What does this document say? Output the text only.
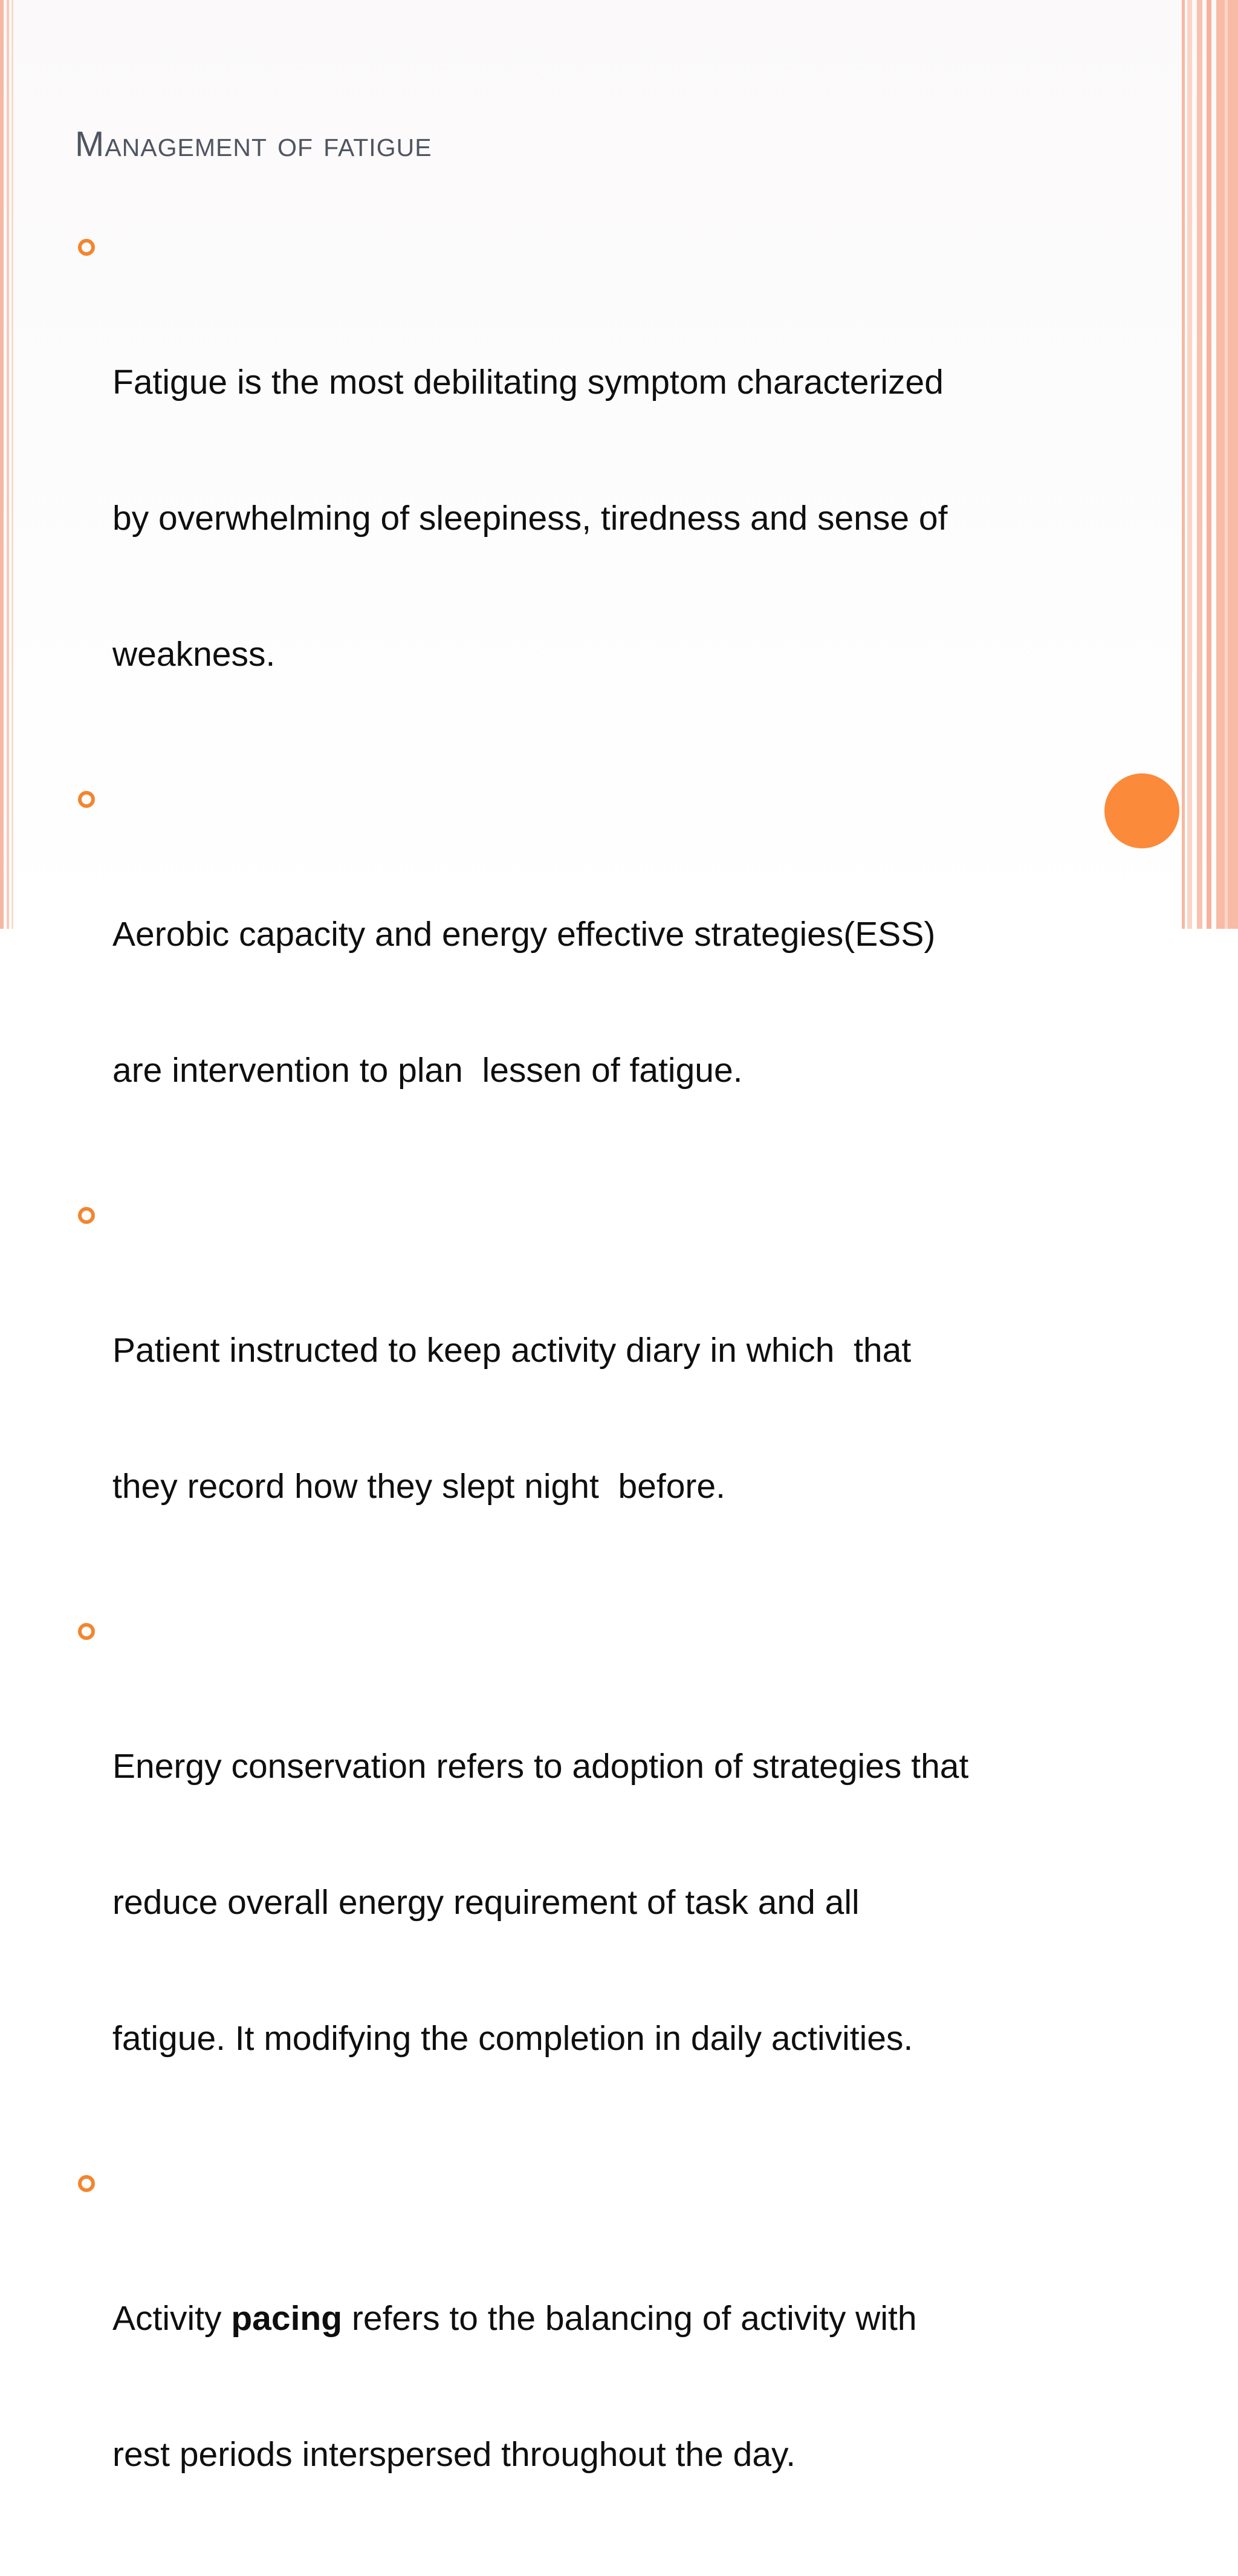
Management of fatigue

Fatigue is the most debilitating symptom characterized

by overwhelming of sleepiness, tiredness and sense of

weakness.

Aerobic capacity and energy effective strategies(ESS)

are intervention to plan  lessen of fatigue.

Patient instructed to keep activity diary in which  that

they record how they slept night  before.

Energy conservation refers to adoption of strategies that

reduce overall energy requirement of task and all

fatigue. It modifying the completion in daily activities.

Activity pacing refers to the balancing of activity with

rest periods interspersed throughout the day.
